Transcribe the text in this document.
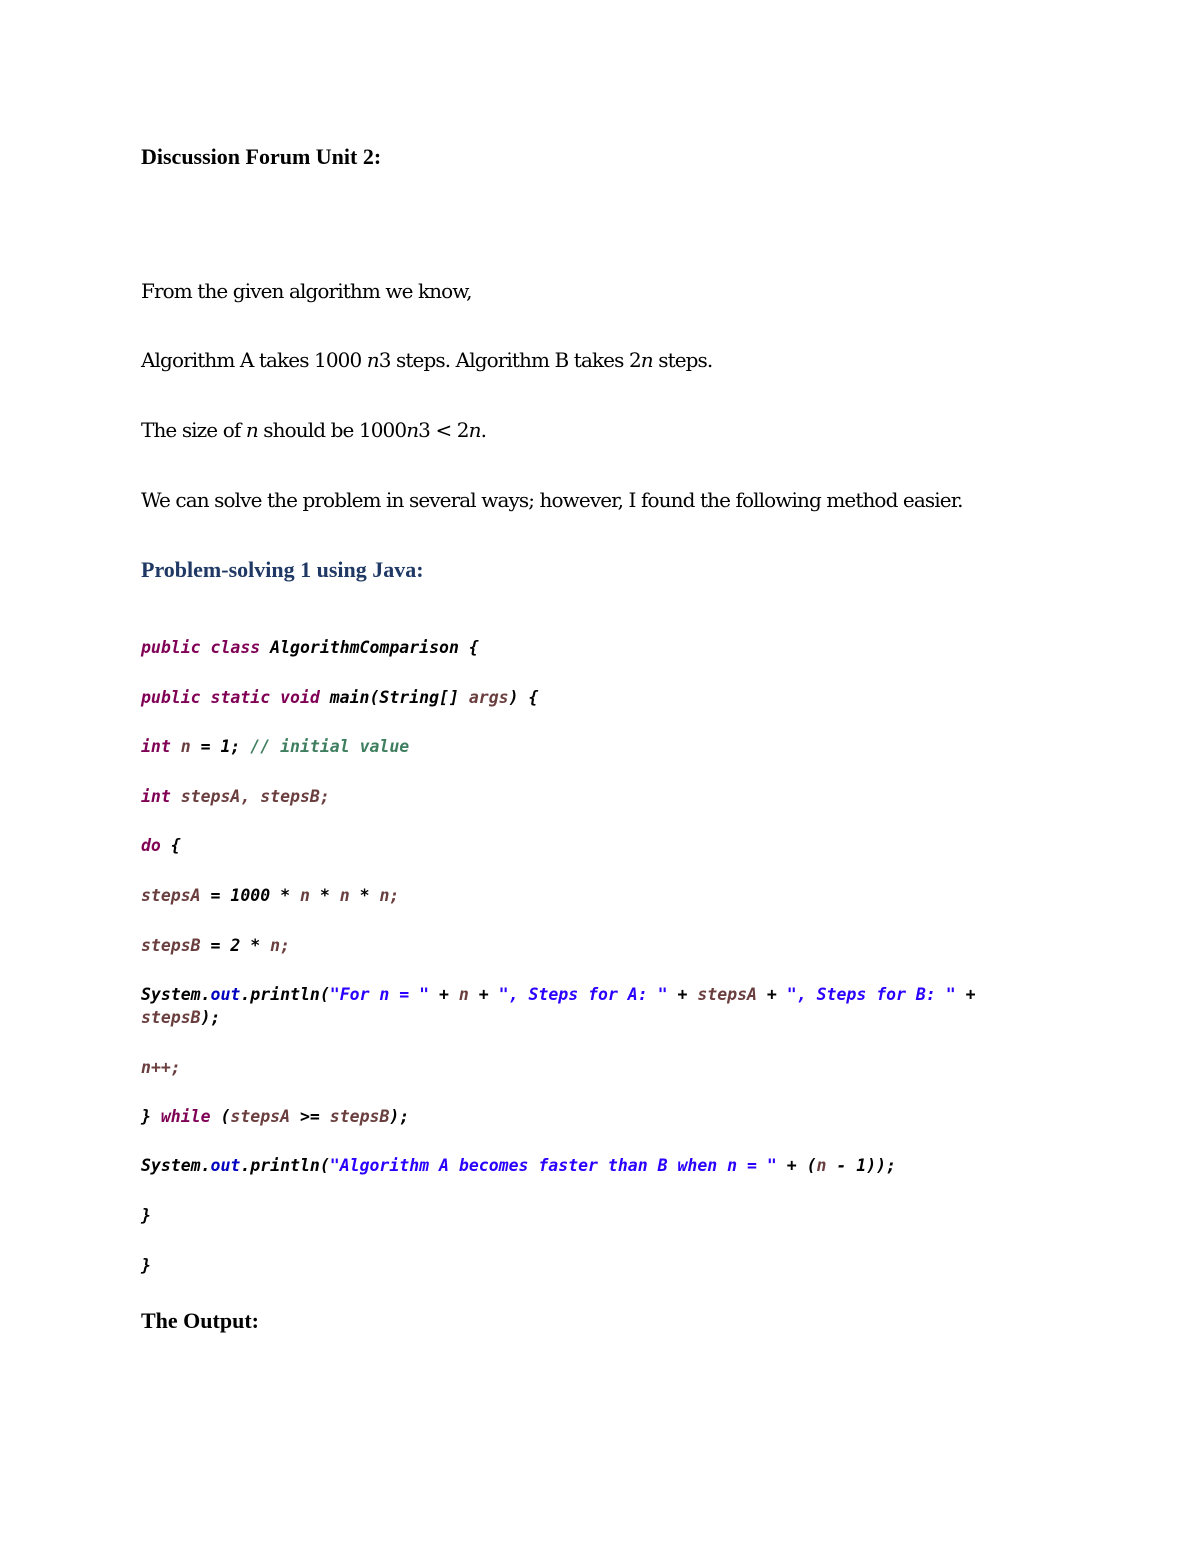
Discussion Forum Unit 2:

From the given algorithm we know,

Algorithm A takes 1000 n3 steps. Algorithm B takes 2n steps.

The size of n should be 1000n3 < 2n.

We can solve the problem in several ways; however, I found the following method easier.

Problem-solving 1 using Java:
public class AlgorithmComparison {
public static void main(String[] args) {
int n = 1; // initial value
int stepsA, stepsB;
do {
stepsA = 1000 * n * n * n;
stepsB = 2 * n;
System.out.println("For n = " + n + ", Steps for A: " + stepsA + ", Steps for B: " + stepsB);
n++;
} while (stepsA >= stepsB);
System.out.println("Algorithm A becomes faster than B when n = " + (n - 1));
}
}
The Output:
